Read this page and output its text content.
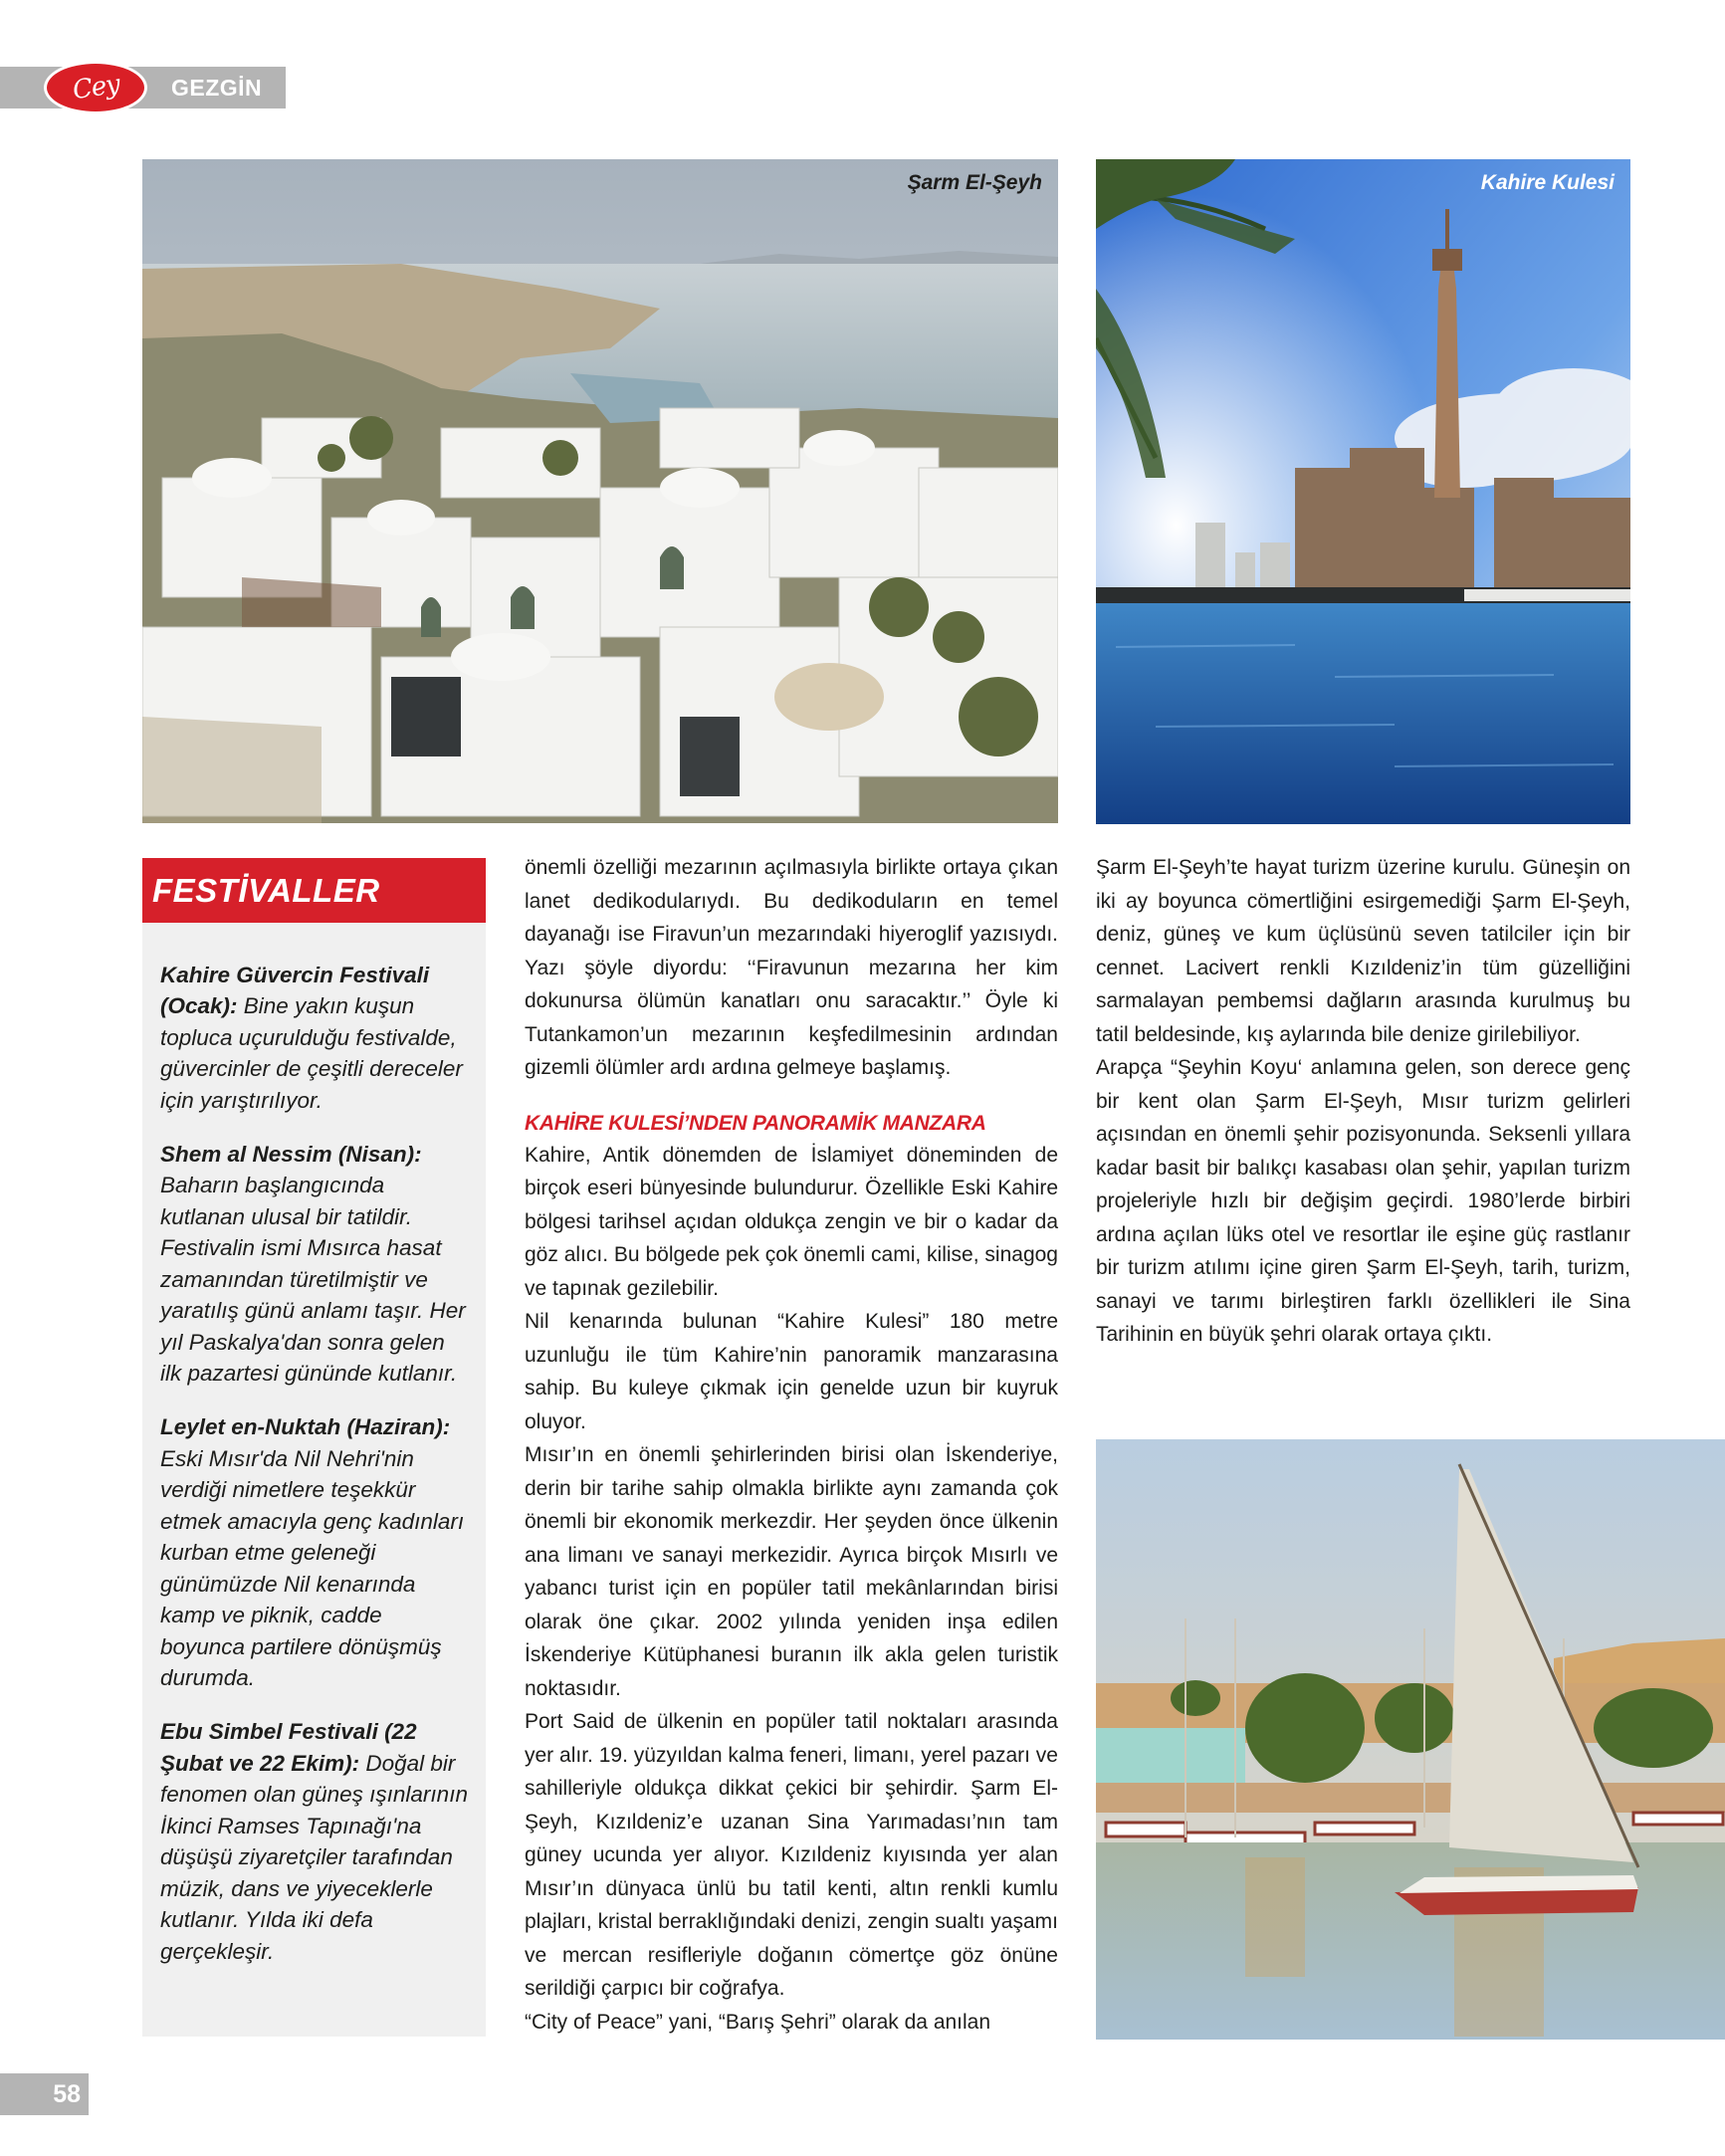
Cey GEZGİN
Şarm El-Şeyh	Kahire Kulesi
FESTİVALLER

Kahire Güvercin Festivali (Ocak): Bine yakın kuşun topluca uçurulduğu festivalde, güvercinler de çeşitli dereceler için yarıştırılıyor.

Shem al Nessim (Nisan): Baharın başlangıcında kutlanan ulusal bir tatildir. Festivalin ismi Mısırca hasat zamanından türetilmiştir ve yaratılış günü anlamı taşır. Her yıl Paskalya'dan sonra gelen ilk pazartesi gününde kutlanır.

Leylet en-Nuktah (Haziran): Eski Mısır'da Nil Nehri'nin verdiği nimetlere teşekkür etmek amacıyla genç kadınları kurban etme geleneği günümüzde Nil kenarında kamp ve piknik, cadde boyunca partilere dönüşmüş durumda.

Ebu Simbel Festivali (22 Şubat ve 22 Ekim): Doğal bir fenomen olan güneş ışınlarının İkinci Ramses Tapınağı'na düşüşü ziyaretçiler tarafından müzik, dans ve yiyeceklerle kutlanır. Yılda iki defa gerçekleşir.

önemli özelliği mezarının açılmasıyla birlikte ortaya çıkan lanet dedikodularıydı. Bu dedikoduların en temel dayanağı ise Firavun’un mezarındaki hiyeroglif yazısıydı. Yazı şöyle diyordu: ‘‘Firavunun mezarına her kim dokunursa ölümün kanatları onu saracaktır.’’ Öyle ki Tutankamon’un mezarının keşfedilmesinin ardından gizemli ölümler ardı ardına gelmeye başlamış.

KAHİRE KULESİ’NDEN PANORAMİK MANZARA

Kahire, Antik dönemden de İslamiyet döneminden de birçok eseri bünyesinde bulundurur. Özellikle Eski Kahire bölgesi tarihsel açıdan oldukça zengin ve bir o kadar da göz alıcı. Bu bölgede pek çok önemli cami, kilise, sinagog ve tapınak gezilebilir.

Nil kenarında bulunan “Kahire Kulesi” 180 metre uzunluğu ile tüm Kahire’nin panoramik manzarasına sahip. Bu kuleye çıkmak için genelde uzun bir kuyruk oluyor.

Mısır’ın en önemli şehirlerinden birisi olan İskenderiye, derin bir tarihe sahip olmakla birlikte aynı zamanda çok önemli bir ekonomik merkezdir. Her şeyden önce ülkenin ana limanı ve sanayi merkezidir. Ayrıca birçok Mısırlı ve yabancı turist için en popüler tatil mekânlarından birisi olarak öne çıkar. 2002 yılında yeniden inşa edilen İskenderiye Kütüphanesi buranın ilk akla gelen turistik noktasıdır.

Port Said de ülkenin en popüler tatil noktaları arasında yer alır. 19. yüzyıldan kalma feneri, limanı, yerel pazarı ve sahilleriyle oldukça dikkat çekici bir şehirdir. Şarm El-Şeyh, Kızıldeniz’e uzanan Sina Yarımadası’nın tam güney ucunda yer alıyor. Kızıldeniz kıyısında yer alan Mısır’ın dünyaca ünlü bu tatil kenti, altın renkli kumlu plajları, kristal berraklığındaki denizi, zengin sualtı yaşamı ve mercan resifleriyle doğanın cömertçe göz önüne serildiği çarpıcı bir coğrafya.

“City of Peace” yani, “Barış Şehri” olarak da anılan

Şarm El-Şeyh’te hayat turizm üzerine kurulu. Güneşin on iki ay boyunca cömertliğini esirgemediği Şarm El-Şeyh, deniz, güneş ve kum üçlüsünü seven tatilciler için bir cennet. Lacivert renkli Kızıldeniz’in tüm güzelliğini sarmalayan pembemsi dağların arasında kurulmuş bu tatil beldesinde, kış aylarında bile denize girilebiliyor.

Arapça “Şeyhin Koyu‘ anlamına gelen, son derece genç bir kent olan Şarm El-Şeyh, Mısır turizm gelirleri açısından en önemli şehir pozisyonunda. Seksenli yıllara kadar basit bir balıkçı kasabası olan şehir, yapılan turizm projeleriyle hızlı bir değişim geçirdi. 1980’lerde birbiri ardına açılan lüks otel ve resortlar ile eşine güç rastlanır bir turizm atılımı içine giren Şarm El-Şeyh, tarih, turizm, sanayi ve tarımı birleştiren farklı özellikleri ile Sina Tarihinin en büyük şehri olarak ortaya çıktı.

58
